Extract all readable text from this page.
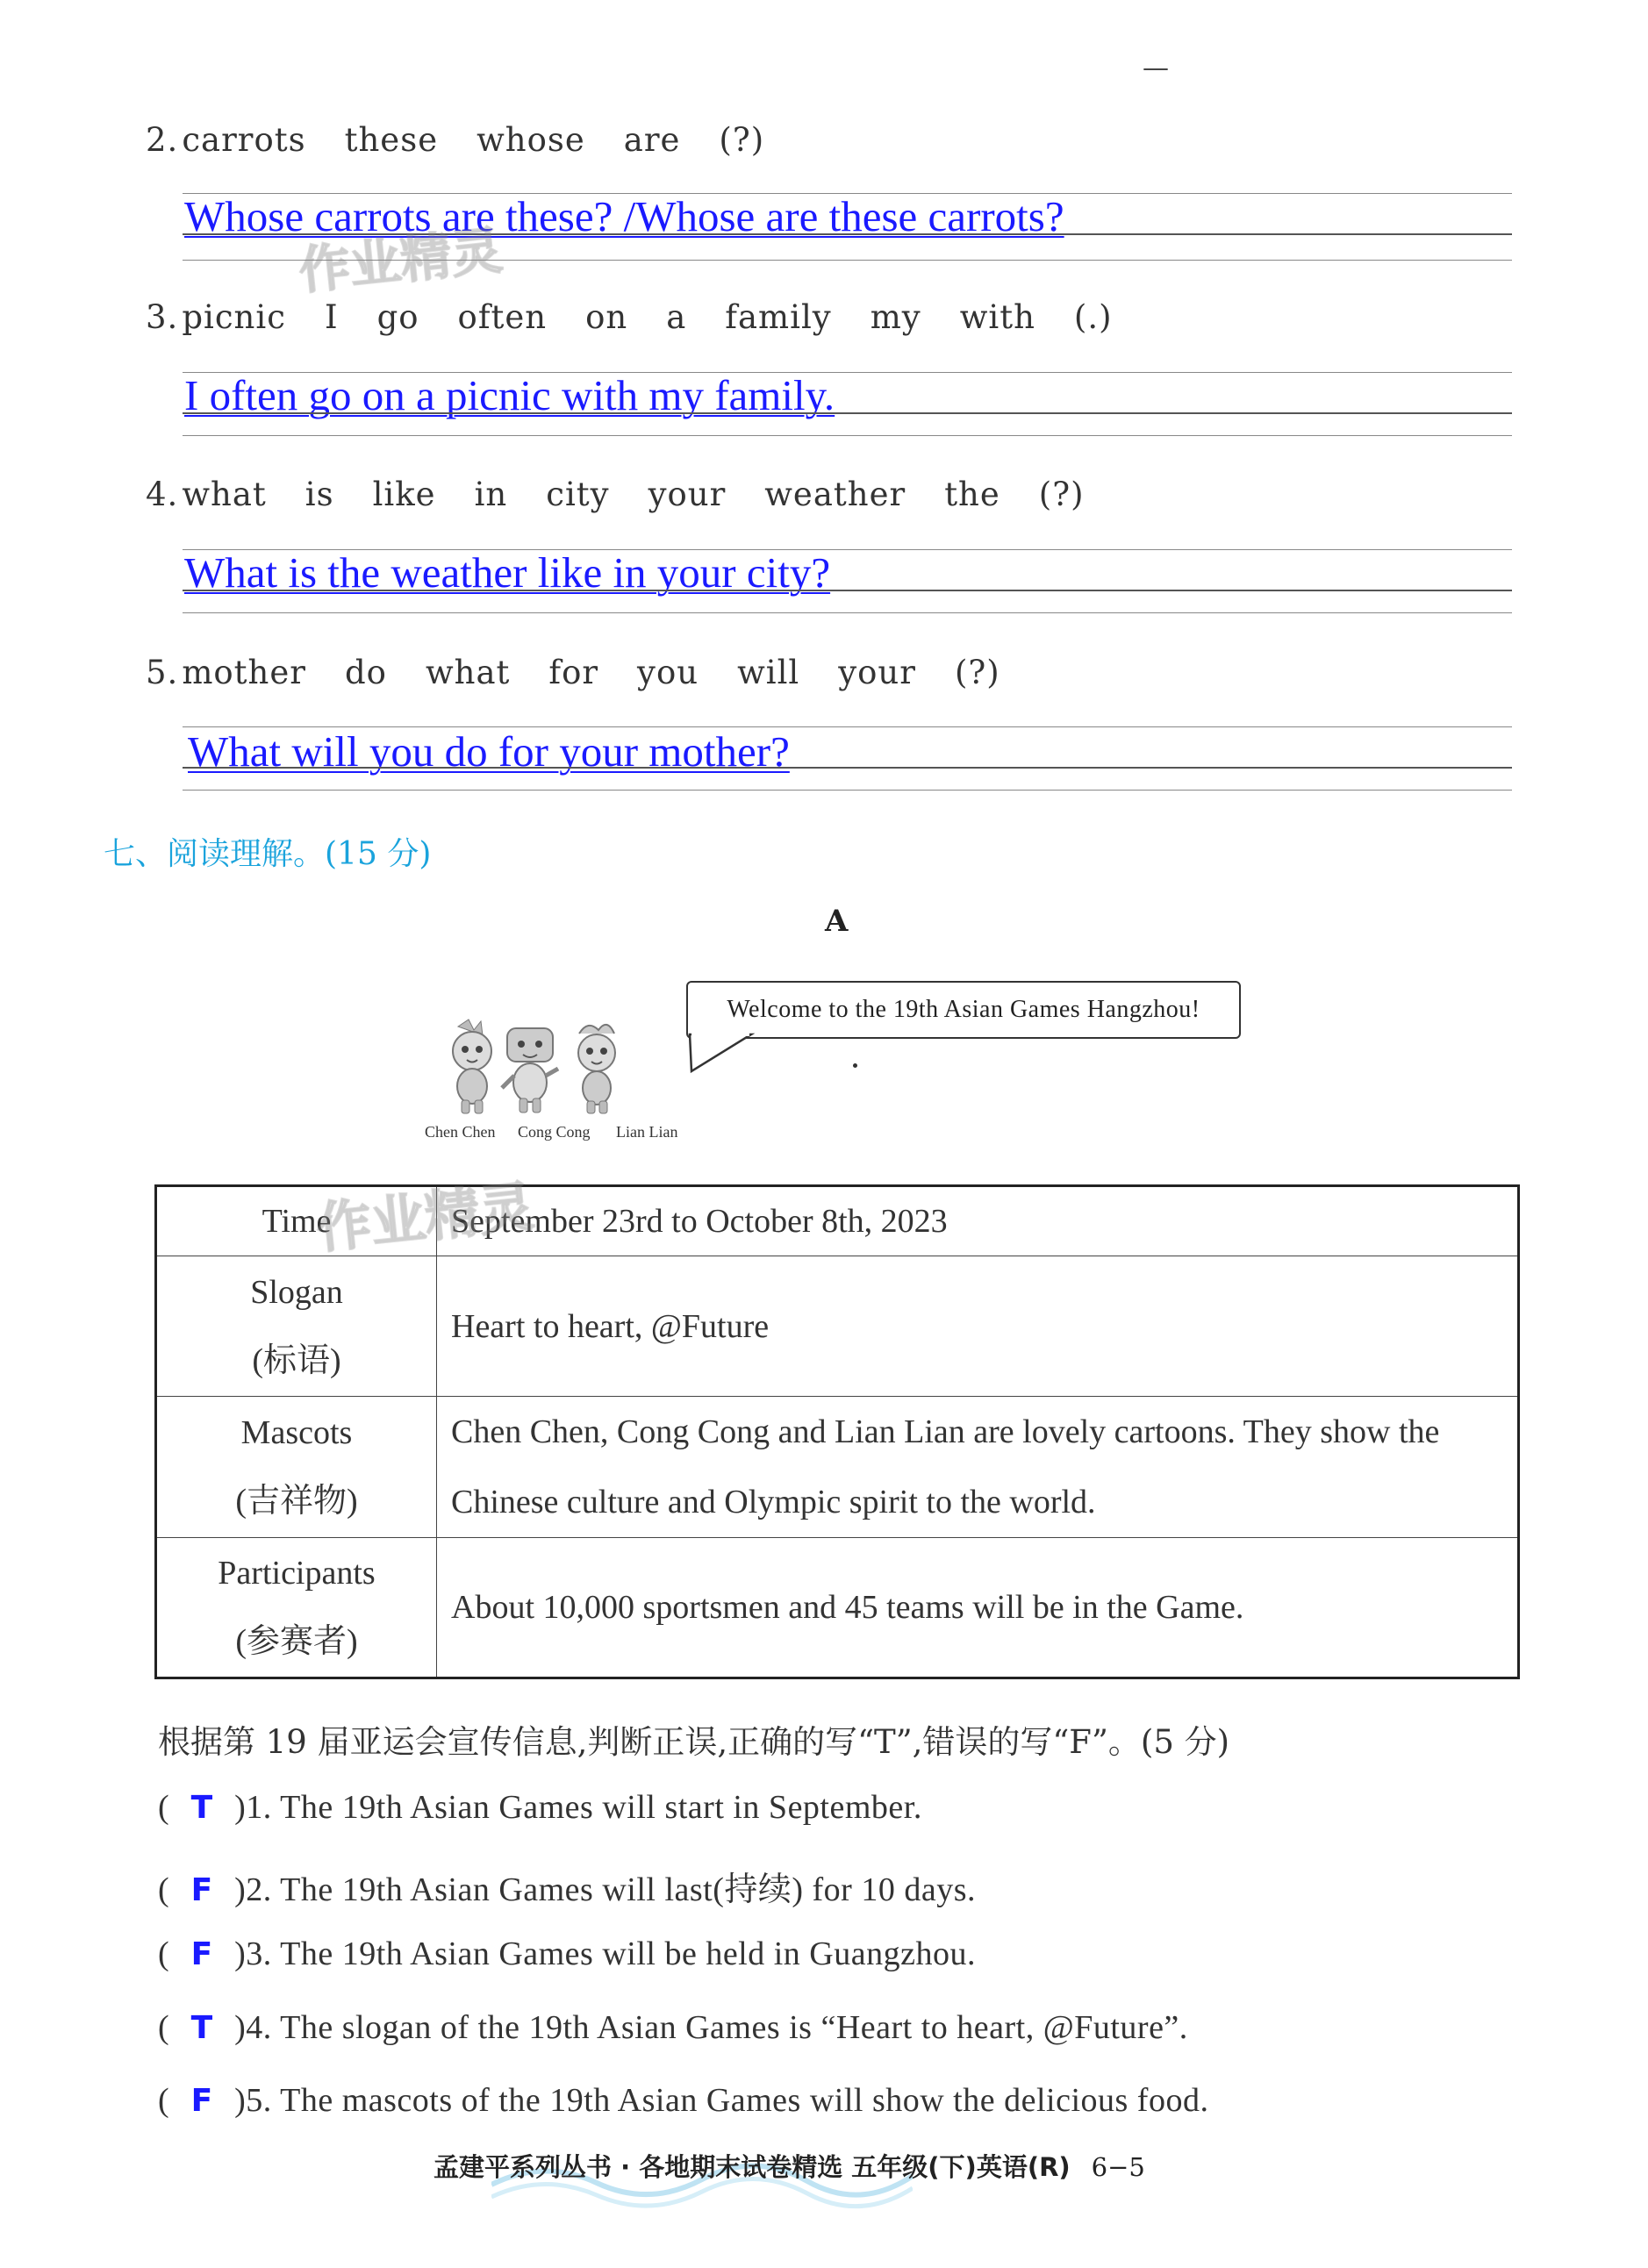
—
2. carrots these whose are (?)
Whose carrots are these? /Whose are these carrots?
3. picnic I go often on a family my with (.)
I often go on a picnic with my family.
4. what is like in city your weather the (?)
What is the weather like in your city?
5. mother do what for you will your (?)
What will you do for your mother?
作业精灵
七、阅读理解。(15 分)
A
Welcome to the 19th Asian Games Hangzhou!
Chen Chen Cong Cong Lian Lian
Time	September 23rd to October 8th, 2023

Slogan
(标语)	Heart to heart, @Future

Mascots
(吉祥物)	Chen Chen, Cong Cong and Lian Lian are lovely cartoons. They show the Chinese culture and Olympic spirit to the world.

Participants
(参赛者)	About 10,000 sportsmen and 45 teams will be in the Game.
作业精灵
根据第 19 届亚运会宣传信息,判断正误,正确的写“T”,错误的写“F”。(5 分)
( T )1. The 19th Asian Games will start in September.
( F )2. The 19th Asian Games will last(持续) for 10 days.
( F )3. The 19th Asian Games will be held in Guangzhou.
( T )4. The slogan of the 19th Asian Games is “Heart to heart, @Future”.
( F )5. The mascots of the 19th Asian Games will show the delicious food.
孟建平系列丛书 · 各地期末试卷精选 五年级(下)英语(R) 6−5
